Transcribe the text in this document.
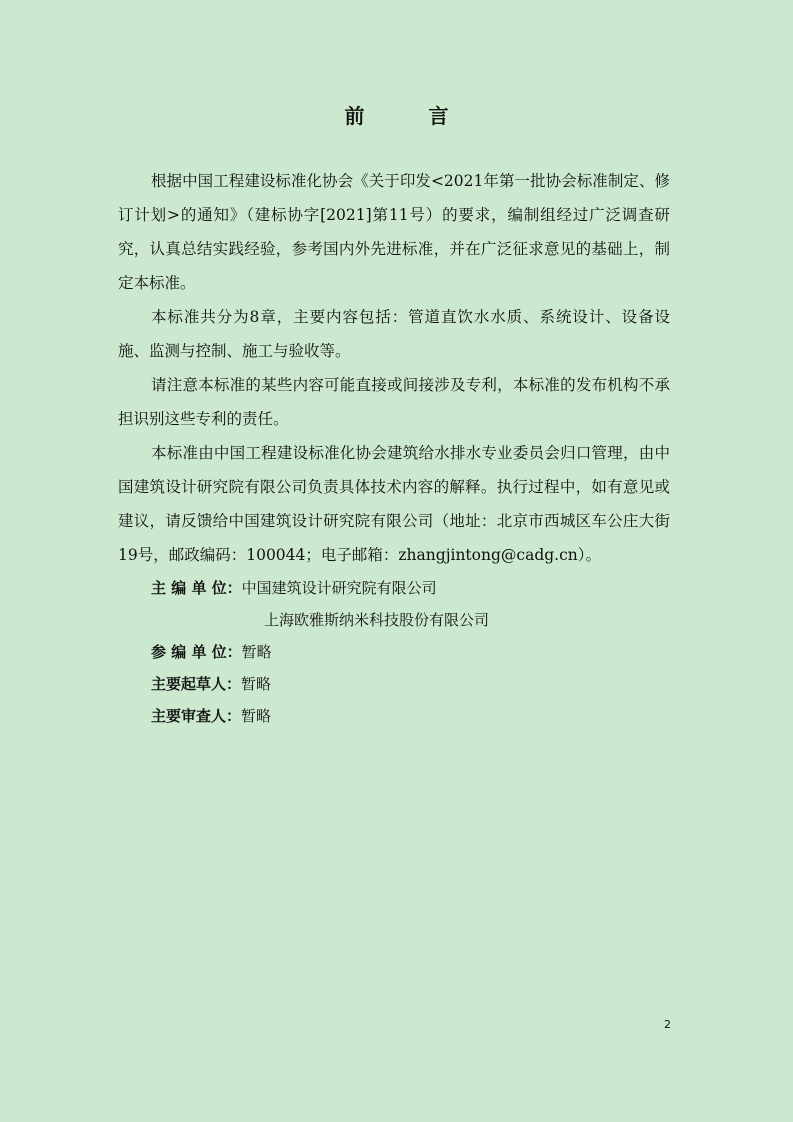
前　言

根据中国工程建设标准化协会《关于印发<2021年第一批协会标准制定、修订计划>的通知》（建标协字[2021]第11号）的要求，编制组经过广泛调查研究，认真总结实践经验，参考国内外先进标准，并在广泛征求意见的基础上，制定本标准。

本标准共分为8章，主要内容包括：管道直饮水水质、系统设计、设备设施、监测与控制、施工与验收等。

请注意本标准的某些内容可能直接或间接涉及专利，本标准的发布机构不承担识别这些专利的责任。

本标准由中国工程建设标准化协会建筑给水排水专业委员会归口管理，由中国建筑设计研究院有限公司负责具体技术内容的解释。执行过程中，如有意见或建议，请反馈给中国建筑设计研究院有限公司（地址：北京市西城区车公庄大街19号，邮政编码：100044；电子邮箱：zhangjintong@cadg.cn）。

主 编 单 位：中国建筑设计研究院有限公司

上海欧雅斯纳米科技股份有限公司

参 编 单 位：暂略

主要起草人：暂略

主要审查人：暂略

2
